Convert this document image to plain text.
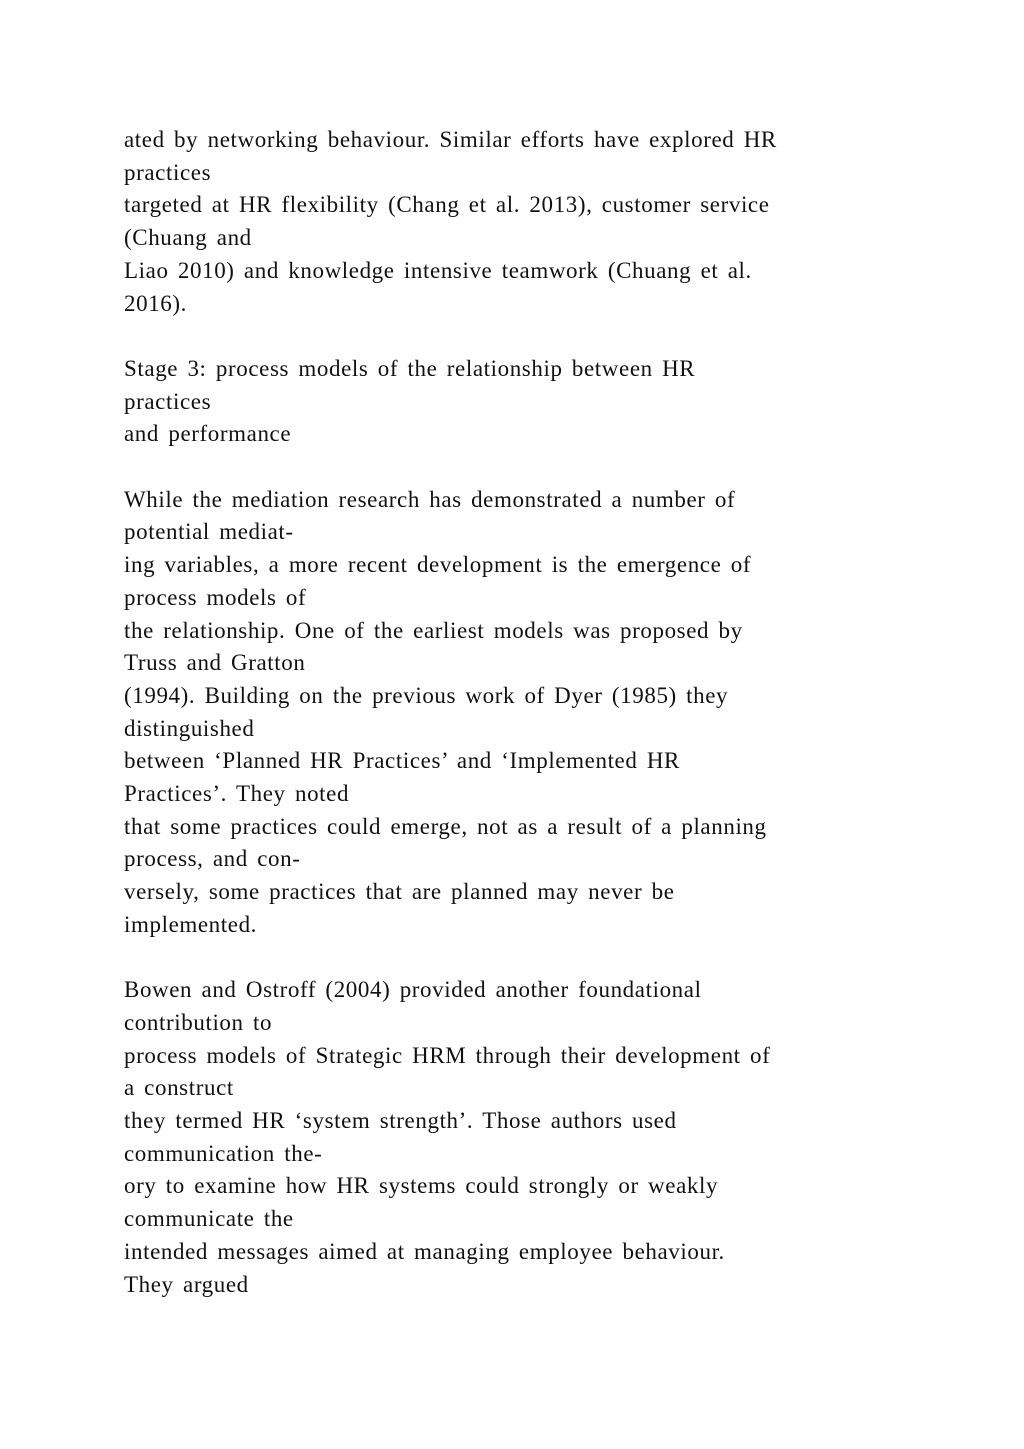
ated by networking behaviour. Similar efforts have explored HR
practices
targeted at HR flexibility (Chang et al. 2013), customer service
(Chuang and
Liao 2010) and knowledge intensive teamwork (Chuang et al.
2016).

Stage 3: process models of the relationship between HR
practices
and performance

While the mediation research has demonstrated a number of
potential mediat-
ing variables, a more recent development is the emergence of
process models of
the relationship. One of the earliest models was proposed by
Truss and Gratton
(1994). Building on the previous work of Dyer (1985) they
distinguished
between ‘Planned HR Practices’ and ‘Implemented HR
Practices’. They noted
that some practices could emerge, not as a result of a planning
process, and con-
versely, some practices that are planned may never be
implemented.

Bowen and Ostroff (2004) provided another foundational
contribution to
process models of Strategic HRM through their development of
a construct
they termed HR ‘system strength’. Those authors used
communication the-
ory to examine how HR systems could strongly or weakly
communicate the
intended messages aimed at managing employee behaviour.
They argued
